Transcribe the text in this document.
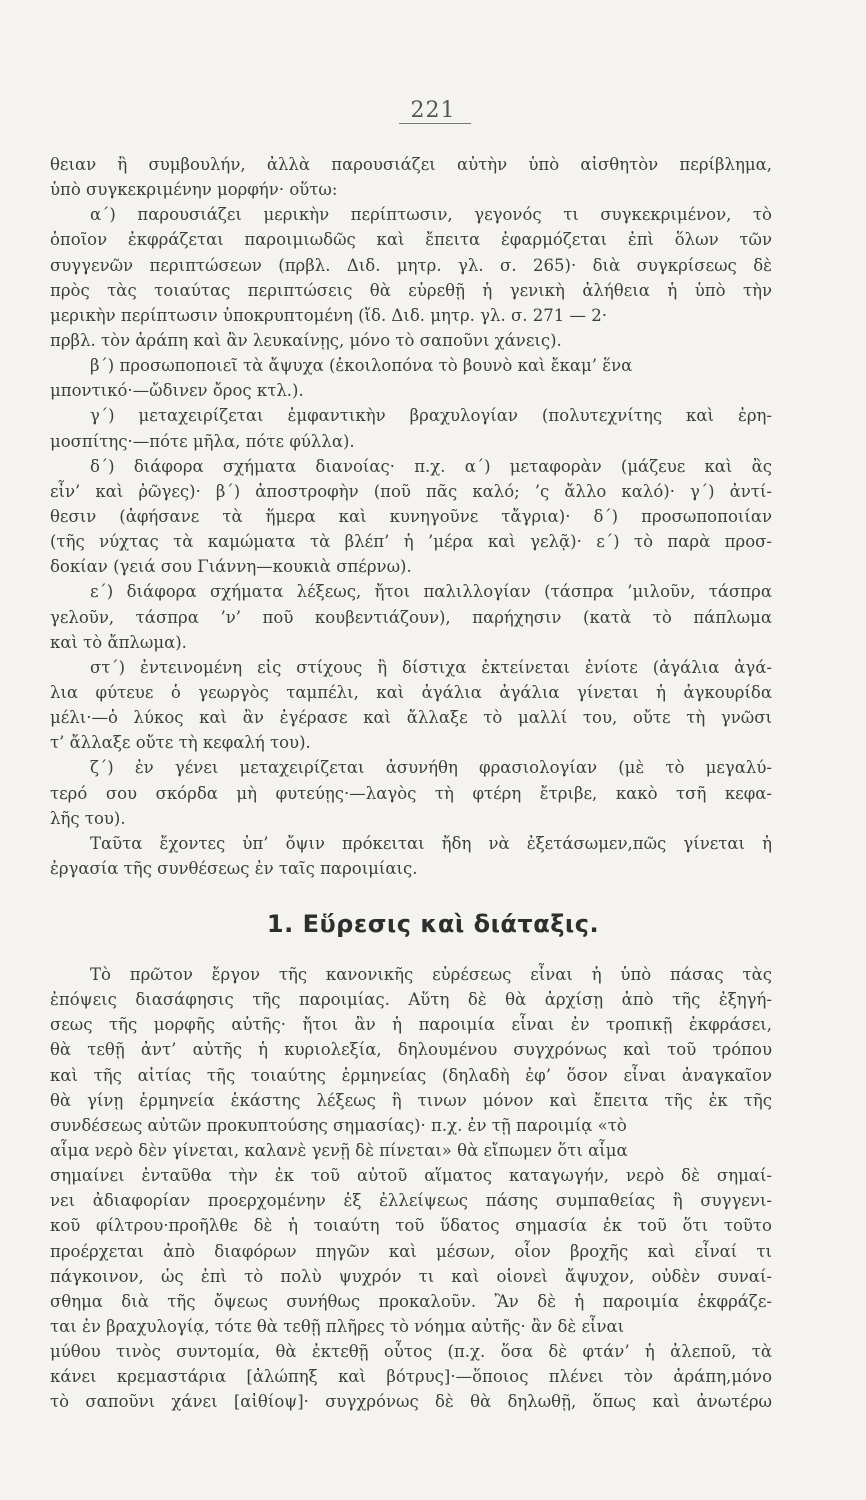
221
θειαν ἢ συμβουλήν, ἀλλὰ παρουσιάζει αὐτὴν ὑπὸ αἰσθητὸν περίβλημα,
ὑπὸ συγκεκριμένην μορφήν· οὕτω:
α΄) παρουσιάζει μερικὴν περίπτωσιν, γεγονός τι συγκεκριμένον, τὸ
ὁποῖον ἐκφράζεται παροιμιωδῶς καὶ ἔπειτα ἐφαρμόζεται ἐπὶ ὅλων τῶν
συγγενῶν περιπτώσεων (πρβλ. Διδ. μητρ. γλ. σ. 265)· διὰ συγκρίσεως δὲ
πρὸς τὰς τοιαύτας περιπτώσεις θὰ εὑρεθῇ ἡ γενικὴ ἀλήθεια ἡ ὑπὸ τὴν
μερικὴν περίπτωσιν ὑποκρυπτομένη (ἴδ. Διδ. μητρ. γλ. σ. 271 — 2·
πρβλ. τὸν ἀράπη καὶ ἂν λευκαίνῃς, μόνο τὸ σαποῦνι χάνεις).
β΄) προσωποποιεῖ τὰ ἄψυχα (ἐκοιλοπόνα τὸ βουνὸ καὶ ἔκαμ’ ἕνα
μποντικό·—ὤδινεν ὄρος κτλ.).
γ΄) μεταχειρίζεται ἐμφαντικὴν βραχυλογίαν (πολυτεχνίτης καὶ ἐρη-
μοσπίτης·—πότε μῆλα, πότε φύλλα).
δ΄) διάφορα σχήματα διανοίας· π.χ. α΄) μεταφορὰν (μάζευε καὶ ἂς
εἶν’ καὶ ῥῶγες)· β΄) ἀποστροφὴν (ποῦ πᾶς καλό; ’ς ἄλλο καλό)· γ΄) ἀντί-
θεσιν (ἀφήσανε τὰ ἥμερα καὶ κυνηγοῦνε τἄγρια)· δ΄) προσωποποιίαν
(τῆς νύχτας τὰ καμώματα τὰ βλέπ’ ἡ ’μέρα καὶ γελᾷ)· ε΄) τὸ παρὰ προσ-
δοκίαν (γειά σου Γιάννη—κουκιὰ σπέρνω).
ε΄) διάφορα σχήματα λέξεως, ἤτοι παλιλλογίαν (τάσπρα ’μιλοῦν, τάσπρα
γελοῦν, τάσπρα ’ν’ ποῦ κουβεντιάζουν), παρήχησιν (κατὰ τὸ πάπλωμα
καὶ τὸ ἄπλωμα).
στ΄) ἐντεινομένη εἰς στίχους ἢ δίστιχα ἐκτείνεται ἐνίοτε (ἀγάλια ἀγά-
λια φύτευε ὁ γεωργὸς ταμπέλι, καὶ ἀγάλια ἀγάλια γίνεται ἡ ἀγκουρίδα
μέλι·—ὁ λύκος καὶ ἂν ἐγέρασε καὶ ἄλλαξε τὸ μαλλί του, οὔτε τὴ γνῶσι
τ’ ἄλλαξε οὔτε τὴ κεφαλή του).
ζ΄) ἐν γένει μεταχειρίζεται ἀσυνήθη φρασιολογίαν (μὲ τὸ μεγαλύ-
τερό σου σκόρδα μὴ φυτεύῃς·—λαγὸς τὴ φτέρη ἔτριβε, κακὸ τσῆ κεφα-
λῆς του).
Ταῦτα ἔχοντες ὑπ’ ὄψιν πρόκειται ἤδη νὰ ἐξετάσωμεν,πῶς γίνεται ἡ
ἐργασία τῆς συνθέσεως ἐν ταῖς παροιμίαις.
1. Εὕρεσις καὶ διάταξις.
Τὸ πρῶτον ἔργον τῆς κανονικῆς εὑρέσεως εἶναι ἡ ὑπὸ πάσας τὰς
ἐπόψεις διασάφησις τῆς παροιμίας. Αὕτη δὲ θὰ ἀρχίσῃ ἀπὸ τῆς ἐξηγή-
σεως τῆς μορφῆς αὐτῆς· ἤτοι ἂν ἡ παροιμία εἶναι ἐν τροπικῇ ἐκφράσει,
θὰ τεθῇ ἀντ’ αὐτῆς ἡ κυριολεξία, δηλουμένου συγχρόνως καὶ τοῦ τρόπου
καὶ τῆς αἰτίας τῆς τοιαύτης ἑρμηνείας (δηλαδὴ ἐφ’ ὅσον εἶναι ἀναγκαῖον
θὰ γίνῃ ἑρμηνεία ἑκάστης λέξεως ἢ τινων μόνον καὶ ἔπειτα τῆς ἐκ τῆς
συνδέσεως αὐτῶν προκυπτούσης σημασίας)· π.χ. ἐν τῇ παροιμίᾳ «τὸ
αἷμα νερὸ δὲν γίνεται, καλανὲ γενῇ δὲ πίνεται» θὰ εἴπωμεν ὅτι αἷμα
σημαίνει ἐνταῦθα τὴν ἐκ τοῦ αὐτοῦ αἵματος καταγωγήν, νερὸ δὲ σημαί-
νει ἀδιαφορίαν προερχομένην ἐξ ἐλλείψεως πάσης συμπαθείας ἢ συγγενι-
κοῦ φίλτρου·προῆλθε δὲ ἡ τοιαύτη τοῦ ὕδατος σημασία ἐκ τοῦ ὅτι τοῦτο
προέρχεται ἀπὸ διαφόρων πηγῶν καὶ μέσων, οἷον βροχῆς καὶ εἶναί τι
πάγκοινον, ὡς ἐπὶ τὸ πολὺ ψυχρόν τι καὶ οἱονεὶ ἄψυχον, οὐδὲν συναί-
σθημα διὰ τῆς ὄψεως συνήθως προκαλοῦν. Ἂν δὲ ἡ παροιμία ἐκφράζε-
ται ἐν βραχυλογίᾳ, τότε θὰ τεθῇ πλῆρες τὸ νόημα αὐτῆς· ἂν δὲ εἶναι
μύθου τινὸς συντομία, θὰ ἐκτεθῇ οὗτος (π.χ. ὅσα δὲ φτάν’ ἡ ἀλεποῦ, τὰ
κάνει κρεμαστάρια [ἀλώπηξ καὶ βότρυς]·—ὅποιος πλένει τὸν ἀράπη,μόνο
τὸ σαποῦνι χάνει [αἰθίοψ]· συγχρόνως δὲ θὰ δηλωθῇ, ὅπως καὶ ἀνωτέρω
